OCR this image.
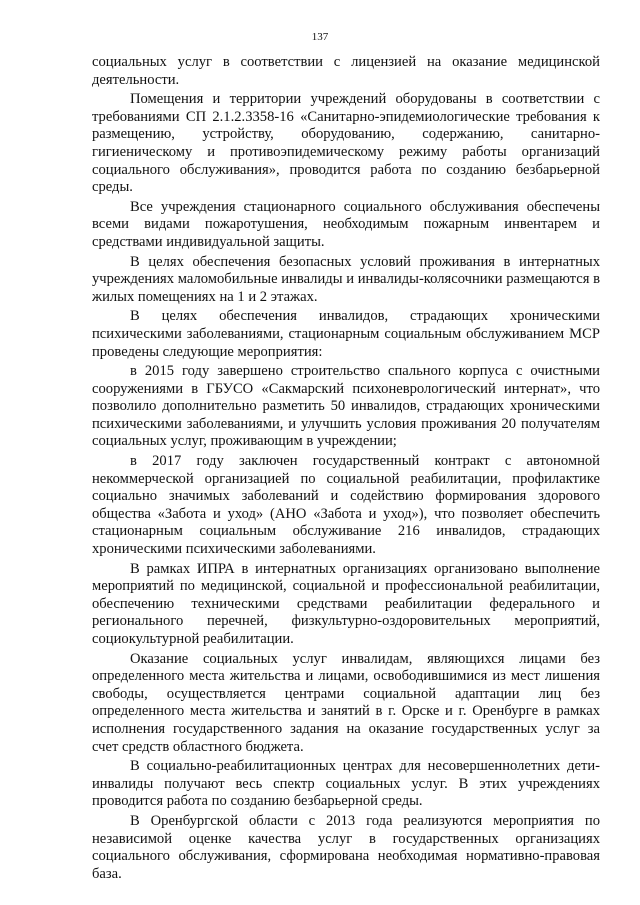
137

социальных услуг в соответствии с лицензией на оказание медицинской деятельности.

Помещения и территории учреждений оборудованы в соответствии с требованиями СП 2.1.2.3358-16 «Санитарно-эпидемиологические требования к размещению, устройству, оборудованию, содержанию, санитарно-гигиеническому и противоэпидемическому режиму работы организаций социального обслуживания», проводится работа по созданию безбарьерной среды.

Все учреждения стационарного социального обслуживания обеспечены всеми видами пожаротушения, необходимым пожарным инвентарем и средствами индивидуальной защиты.

В целях обеспечения безопасных условий проживания в интернатных учреждениях маломобильные инвалиды и инвалиды-колясочники размещаются в жилых помещениях на 1 и 2 этажах.

В целях обеспечения инвалидов, страдающих хроническими психическими заболеваниями, стационарным социальным обслуживанием МСР проведены следующие мероприятия:

в 2015 году завершено строительство спального корпуса с очистными сооружениями в ГБУСО «Сакмарский психоневрологический интернат», что позволило дополнительно разметить 50 инвалидов, страдающих хроническими психическими заболеваниями, и улучшить условия проживания 20 получателям социальных услуг, проживающим в учреждении;

в 2017 году заключен государственный контракт с автономной некоммерческой организацией по социальной реабилитации, профилактике социально значимых заболеваний и содействию формирования здорового общества «Забота и уход» (АНО «Забота и уход»), что позволяет обеспечить стационарным социальным обслуживание 216 инвалидов, страдающих хроническими психическими заболеваниями.

В рамках ИПРА в интернатных организациях организовано выполнение мероприятий по медицинской, социальной и профессиональной реабилитации, обеспечению техническими средствами реабилитации федерального и регионального перечней, физкультурно-оздоровительных мероприятий, социокультурной реабилитации.

Оказание социальных услуг инвалидам, являющихся лицами без определенного места жительства и лицами, освободившимися из мест лишения свободы, осуществляется центрами социальной адаптации лиц без определенного места жительства и занятий в г. Орске и г. Оренбурге в рамках исполнения государственного задания на оказание государственных услуг за счет средств областного бюджета.

В социально-реабилитационных центрах для несовершеннолетних дети-инвалиды получают весь спектр социальных услуг. В этих учреждениях проводится работа по созданию безбарьерной среды.

В Оренбургской области с 2013 года реализуются мероприятия по независимой оценке качества услуг в государственных организациях социального обслуживания, сформирована необходимая нормативно-правовая база.
